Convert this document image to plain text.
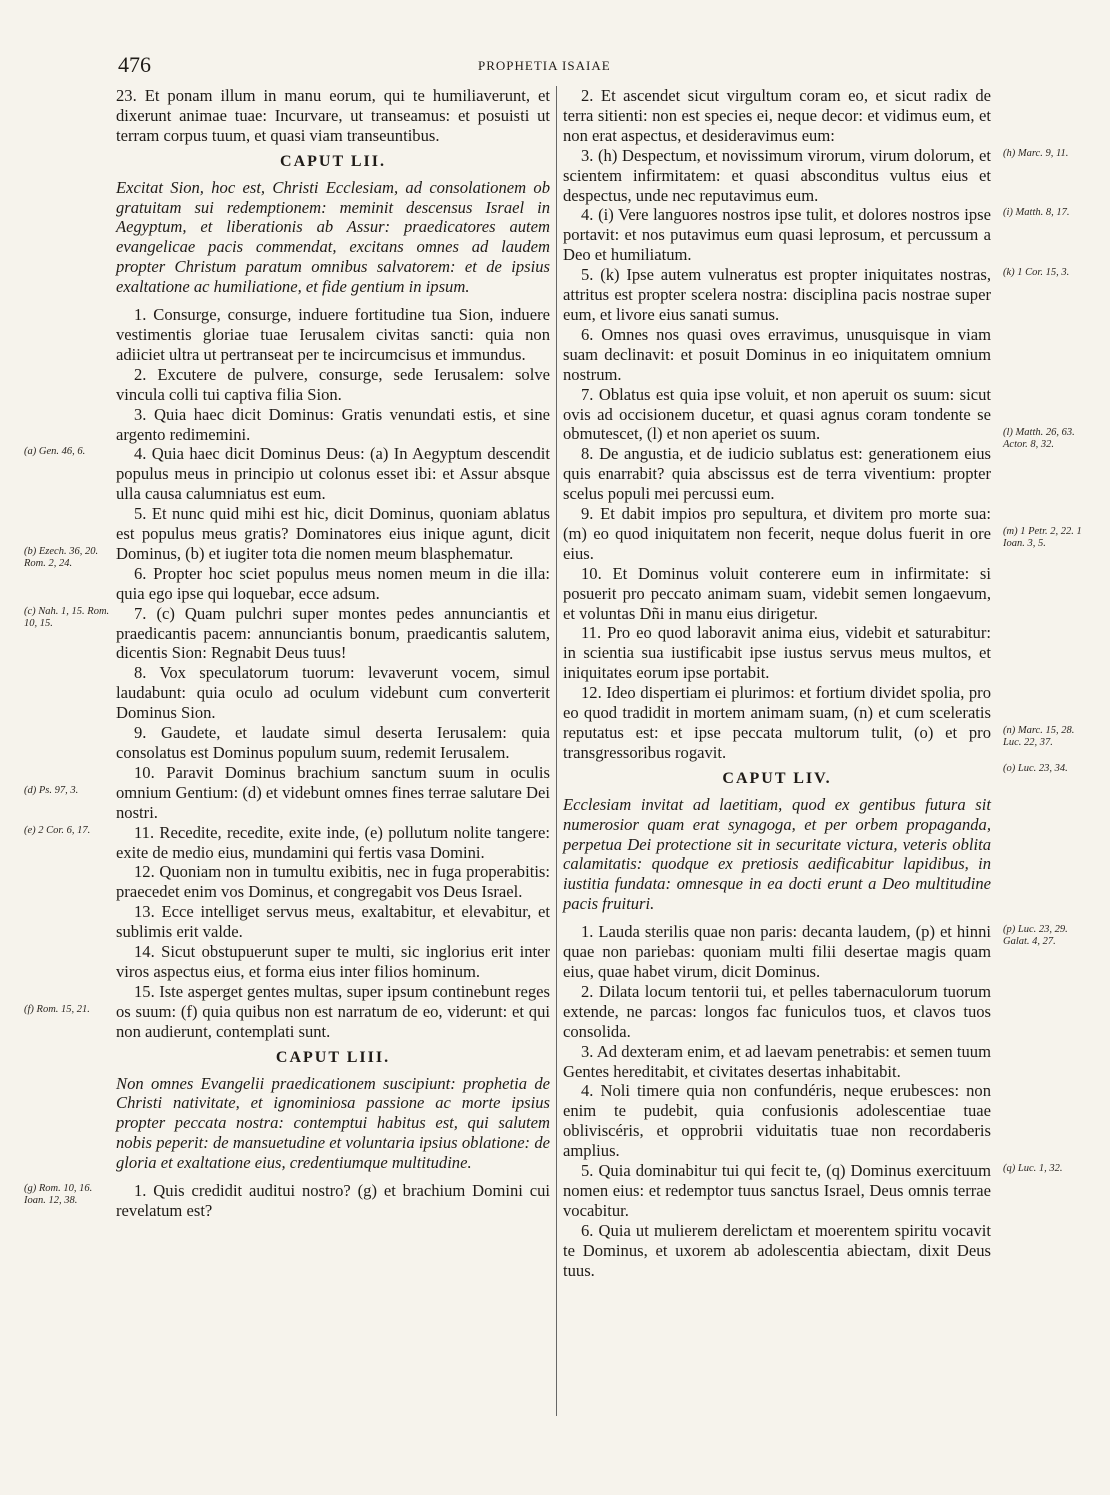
476	PROPHETIA ISAIAE

23. Et ponam illum in manu eorum, qui te humiliaverunt, et dixerunt animae tuae: Incurvare, ut transeamus: et posuisti ut terram corpus tuum, et quasi viam transeuntibus.

CAPUT LII.
Excitat Sion, hoc est, Christi Ecclesiam, ad consolationem ob gratuitam sui redemptionem: meminit descensus Israel in Aegyptum, et liberationis ab Assur: praedicatores autem evangelicae pacis commendat, excitans omnes ad laudem propter Christum paratum omnibus salvatorem: et de ipsius exaltatione ac humiliatione, et fide gentium in ipsum.

1. Consurge, consurge, induere fortitudine tua Sion, induere vestimentis gloriae tuae Ierusalem civitas sancti: quia non adiiciet ultra ut pertranseat per te incircumcisus et immundus.

2. Excutere de pulvere, consurge, sede Ierusalem: solve vincula colli tui captiva filia Sion.

3. Quia haec dicit Dominus: Gratis venundati estis, et sine argento redimemini.

(a) Gen. 46, 6.	4. Quia haec dicit Dominus Deus: (a) In Aegyptum descendit populus meus in principio ut colonus esset ibi: et Assur absque ulla causa calumniatus est eum.

(b) Ezech. 36, 20. Rom. 2, 24.

5. Et nunc quid mihi est hic, dicit Dominus, quoniam ablatus est populus meus gratis? Dominatores eius inique agunt, dicit Dominus, (b) et iugiter tota die nomen meum blasphematur.

6. Propter hoc sciet populus meus nomen meum in die illa: quia ego ipse qui loquebar, ecce adsum.

(c) Nah. 1, 15. Rom. 10, 15.

7. (c) Quam pulchri super montes pedes annunciantis et praedicantis pacem: annunciantis bonum, praedicantis salutem, dicentis Sion: Regnabit Deus tuus!

8. Vox speculatorum tuorum: levaverunt vocem, simul laudabunt: quia oculo ad oculum videbunt cum converterit Dominus Sion.

9. Gaudete, et laudate simul deserta Ierusalem: quia consolatus est Dominus populum suum, redemit Ierusalem.

(d) Ps. 97, 3.

10. Paravit Dominus brachium sanctum suum in oculis omnium Gentium: (d) et videbunt omnes fines terrae salutare Dei nostri.

(e) 2 Cor. 6, 17.	11. Recedite, recedite, exite inde, (e) pollutum nolite tangere: exite de medio eius, mundamini qui fertis vasa Domini.

12. Quoniam non in tumultu exibitis, nec in fuga properabitis: praecedet enim vos Dominus, et congregabit vos Deus Israel.

13. Ecce intelliget servus meus, exaltabitur, et elevabitur, et sublimis erit valde.

14. Sicut obstupuerunt super te multi, sic inglorius erit inter viros aspectus eius, et forma eius inter filios hominum.

(f) Rom. 15, 21.

15. Iste asperget gentes multas, super ipsum continebunt reges os suum: (f) quia quibus non est narratum de eo, viderunt: et qui non audierunt, contemplati sunt.

CAPUT LIII.
Non omnes Evangelii praedicationem suscipiunt: prophetia de Christi nativitate, et ignominiosa passione ac morte ipsius propter peccata nostra: contemptui habitus est, qui salutem nobis peperit: de mansuetudine et voluntaria ipsius oblatione: de gloria et exaltatione eius, credentiumque multitudine.
(g) Rom. 10, 16. Ioan. 12, 38.

1. Quis credidit auditui nostro? (g) et brachium Domini cui revelatum est?

2. Et ascendet sicut virgultum coram eo, et sicut radix de terra sitienti: non est species ei, neque decor: et vidimus eum, et non erat aspectus, et desideravimus eum:

(h) Marc. 9, 11.

3. (h) Despectum, et novissimum virorum, virum dolorum, et scientem infirmitatem: et quasi absconditus vultus eius et despectus, unde nec reputavimus eum.

(i) Matth. 8, 17.

4. (i) Vere languores nostros ipse tulit, et dolores nostros ipse portavit: et nos putavimus eum quasi leprosum, et percussum a Deo et humiliatum.

(k) 1 Cor. 15, 3.

5. (k) Ipse autem vulneratus est propter iniquitates nostras, attritus est propter scelera nostra: disciplina pacis nostrae super eum, et livore eius sanati sumus.

6. Omnes nos quasi oves erravimus, unusquisque in viam suam declinavit: et posuit Dominus in eo iniquitatem omnium nostrum.

(l) Matth. 26, 63. Actor. 8, 32.

7. Oblatus est quia ipse voluit, et non aperuit os suum: sicut ovis ad occisionem ducetur, et quasi agnus coram tondente se obmutescet, (l) et non aperiet os suum.

8. De angustia, et de iudicio sublatus est: generationem eius quis enarrabit? quia abscissus est de terra viventium: propter scelus populi mei percussi eum.

(m) 1 Petr. 2, 22. 1 Ioan. 3, 5.

9. Et dabit impios pro sepultura, et divitem pro morte sua: (m) eo quod iniquitatem non fecerit, neque dolus fuerit in ore eius.

10. Et Dominus voluit conterere eum in infirmitate: si posuerit pro peccato animam suam, videbit semen longaevum, et voluntas Dñi in manu eius dirigetur.

11. Pro eo quod laboravit anima eius, videbit et saturabitur: in scientia sua iustificabit ipse iustus servus meus multos, et iniquitates eorum ipse portabit.

(n) Marc. 15, 28. Luc. 22, 37.
(o) Luc. 23, 34.

12. Ideo dispertiam ei plurimos: et fortium dividet spolia, pro eo quod tradidit in mortem animam suam, (n) et cum sceleratis reputatus est: et ipse peccata multorum tulit, (o) et pro transgressoribus rogavit.

CAPUT LIV.
Ecclesiam invitat ad laetitiam, quod ex gentibus futura sit numerosior quam erat synagoga, et per orbem propaganda, perpetua Dei protectione sit in securitate victura, veteris oblita calamitatis: quodque ex pretiosis aedificabitur lapidibus, in iustitia fundata: omnesque in ea docti erunt a Deo multitudine pacis fruituri.
(p) Luc. 23, 29. Galat. 4, 27.

1. Lauda sterilis quae non paris: decanta laudem, (p) et hinni quae non pariebas: quoniam multi filii desertae magis quam eius, quae habet virum, dicit Dominus.

2. Dilata locum tentorii tui, et pelles tabernaculorum tuorum extende, ne parcas: longos fac funiculos tuos, et clavos tuos consolida.

3. Ad dexteram enim, et ad laevam penetrabis: et semen tuum Gentes hereditabit, et civitates desertas inhabitabit.

4. Noli timere quia non confundéris, neque erubesces: non enim te pudebit, quia confusionis adolescentiae tuae obliviscéris, et opprobrii viduitatis tuae non recordaberis amplius.

(q) Luc. 1, 32.

5. Quia dominabitur tui qui fecit te, (q) Dominus exercituum nomen eius: et redemptor tuus sanctus Israel, Deus omnis terrae vocabitur.

6. Quia ut mulierem derelictam et moerentem spiritu vocavit te Dominus, et uxorem ab adolescentia abiectam, dixit Deus tuus.
